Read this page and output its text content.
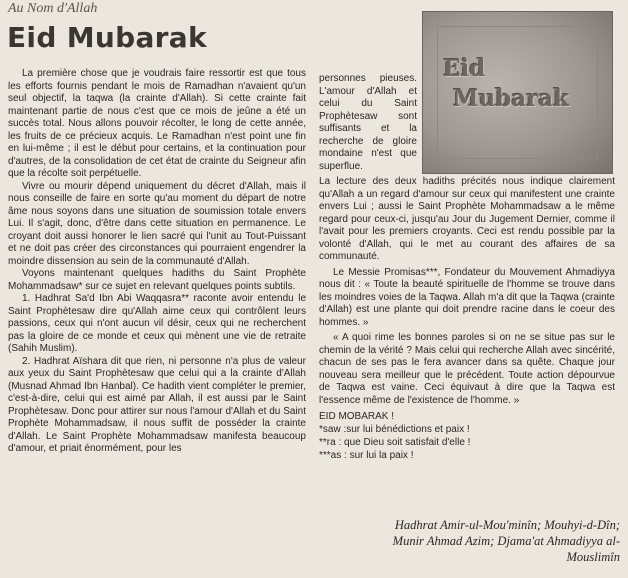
Au Nom d'Allah
Eid Mubarak

La première chose que je voudrais faire ressortir est que tous les efforts fournis pendant le mois de Ramadhan n'avaient qu'un seul objectif, la taqwa (la crainte d'Allah). Si cette crainte fait maintenant partie de nous c'est que ce mois de jeûne a été un succès total. Nous allons pouvoir récolter, le long de cette année, les fruits de ce précieux acquis. Le Ramadhan n'est point une fin en lui-même ; il est le début pour certains, et la continuation pour d'autres, de la consolidation de cet état de crainte du Seigneur afin que la récolte soit perpétuelle.

Vivre ou mourir dépend uniquement du décret d'Allah, mais il nous conseille de faire en sorte qu'au moment du départ de notre âme nous soyons dans une situation de soumission totale envers Lui. Il s'agit, donc, d'être dans cette situation en permanence. Le croyant doit aussi honorer le lien sacré qui l'unit au Tout-Puissant et ne doit pas créer des circonstances qui pourraient engendrer la moindre dissension au sein de la communauté d'Allah.

Voyons maintenant quelques hadiths du Saint Prophète Mohammadsaw* sur ce sujet en relevant quelques points subtils.

1. Hadhrat Sa'd Ibn Abi Waqqasra** raconte avoir entendu le Saint Prophètesaw dire qu'Allah aime ceux qui contrôlent leurs passions, ceux qui n'ont aucun vil désir, ceux qui ne recherchent pas la gloire de ce monde et ceux qui mènent une vie de retraite (Sahih Muslim).

2. Hadhrat Aïshara dit que rien, ni personne n'a plus de valeur aux yeux du Saint Prophètesaw que celui qui a la crainte d'Allah (Musnad Ahmad Ibn Hanbal). Ce hadith vient compléter le premier, c'est-à-dire, celui qui est aimé par Allah, il est aussi par le Saint Prophètesaw. Donc pour attirer sur nous l'amour d'Allah et du Saint Prophète Mohammadsaw, il nous suffit de posséder la crainte d'Allah. Le Saint Prophète Mohammadsaw manifesta beaucoup d'amour, et priait énormément, pour les

Eid
Mubarak

personnes pieuses. L'amour d'Allah et celui du Saint Prophètesaw sont suffisants et la recherche de gloire mondaine n'est que superflue.

La lecture des deux hadiths précités nous indique clairement qu'Allah a un regard d'amour sur ceux qui manifestent une crainte envers Lui ; aussi le Saint Prophète Mohammadsaw a le même regard pour ceux-ci, jusqu'au Jour du Jugement Dernier, comme il l'avait pour les premiers croyants. Ceci est rendu possible par la volonté d'Allah, qui le met au courant des affaires de sa communauté.

Le Messie Promisas***, Fondateur du Mouvement Ahmadiyya nous dit : « Toute la beauté spirituelle de l'homme se trouve dans les moindres voies de la Taqwa. Allah m'a dit que la Taqwa (crainte d'Allah) est une plante qui doit prendre racine dans le coeur des hommes. »

« A quoi rime les bonnes paroles si on ne se situe pas sur le chemin de la vérité ? Mais celui qui recherche Allah avec sincérité, chacun de ses pas le fera avancer dans sa quête. Chaque jour nouveau sera meilleur que le précédent. Toute action dépourvue de Taqwa est vaine. Ceci équivaut à dire que la Taqwa est l'essence même de l'existence de l'homme. »

EID MOBARAK !
*saw :sur lui bénédictions et paix !
**ra : que Dieu soit satisfait d'elle !
***as : sur lui la paix !
Hadhrat Amir-ul-Mou'minîn; Mouhyi-d-Dîn;
Munir Ahmad Azim; Djama'at Ahmadiyya al-
Mouslimîn
